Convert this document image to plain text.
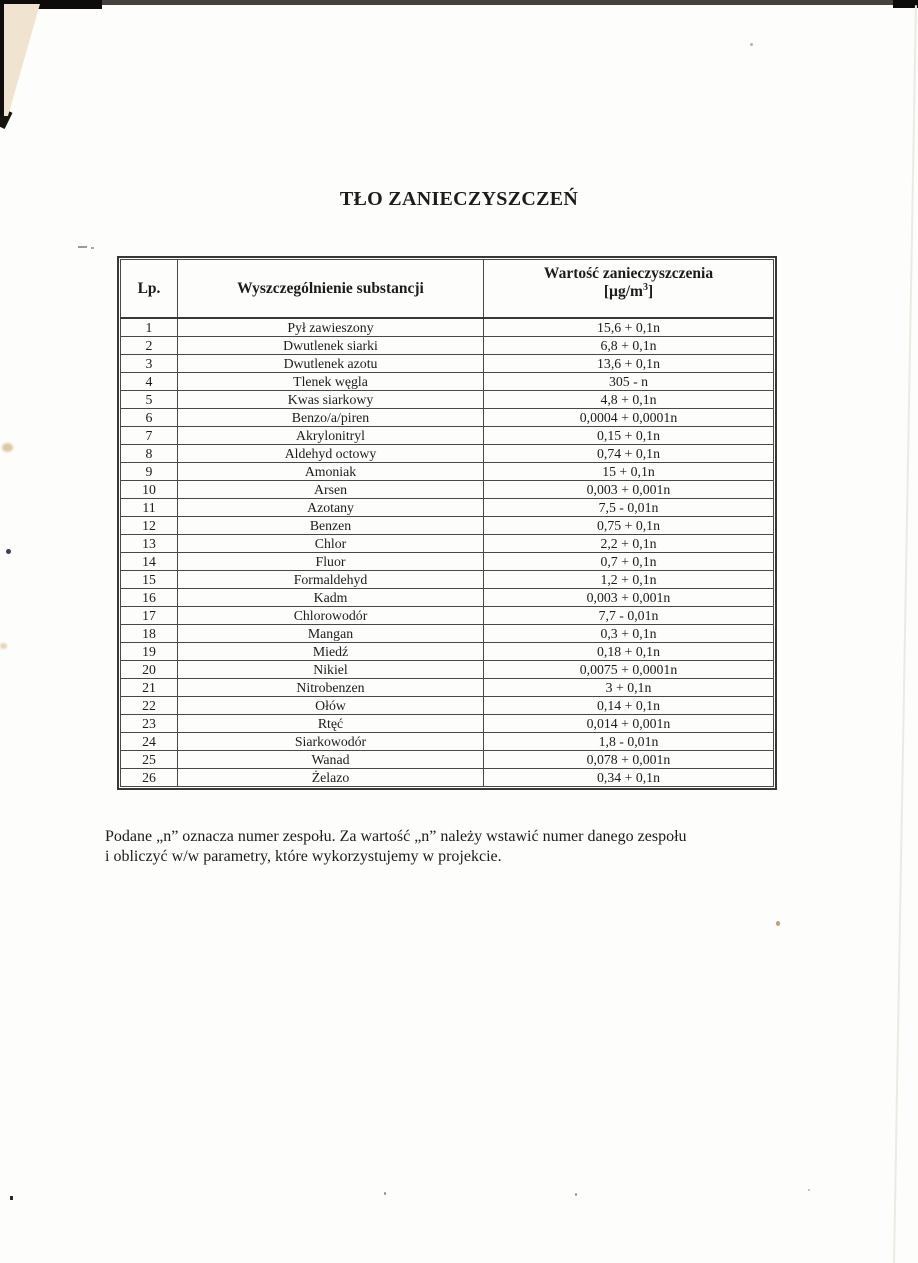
TŁO ZANIECZYSZCZEŃ
Lp.	Wyszczególnienie substancji	Wartość zanieczyszczenia
$[\mu g/m^3]$

1	Pył zawieszony	15,6 + 0,1n
2	Dwutlenek siarki	6,8 + 0,1n
3	Dwutlenek azotu	13,6 + 0,1n
4	Tlenek węgla	305 - n
5	Kwas siarkowy	4,8 + 0,1n
6	Benzo/a/piren	0,0004 + 0,0001n
7	Akrylonitryl	0,15 + 0,1n
8	Aldehyd octowy	0,74 + 0,1n
9	Amoniak	15 + 0,1n
10	Arsen	0,003 + 0,001n
11	Azotany	7,5 - 0,01n
12	Benzen	0,75 + 0,1n
13	Chlor	2,2 + 0,1n
14	Fluor	0,7 + 0,1n
15	Formaldehyd	1,2 + 0,1n
16	Kadm	0,003 + 0,001n
17	Chlorowodór	7,7 - 0,01n
18	Mangan	0,3 + 0,1n
19	Miedź	0,18 + 0,1n
20	Nikiel	0,0075 + 0,0001n
21	Nitrobenzen	3 + 0,1n
22	Ołów	0,14 + 0,1n
23	Rtęć	0,014 + 0,001n
24	Siarkowodór	1,8 - 0,01n
25	Wanad	0,078 + 0,001n
26	Żelazo	0,34 + 0,1n

Podane „n” oznacza numer zespołu. Za wartość „n” należy wstawić numer danego zespołu
i obliczyć w/w parametry, które wykorzystujemy w projekcie.
